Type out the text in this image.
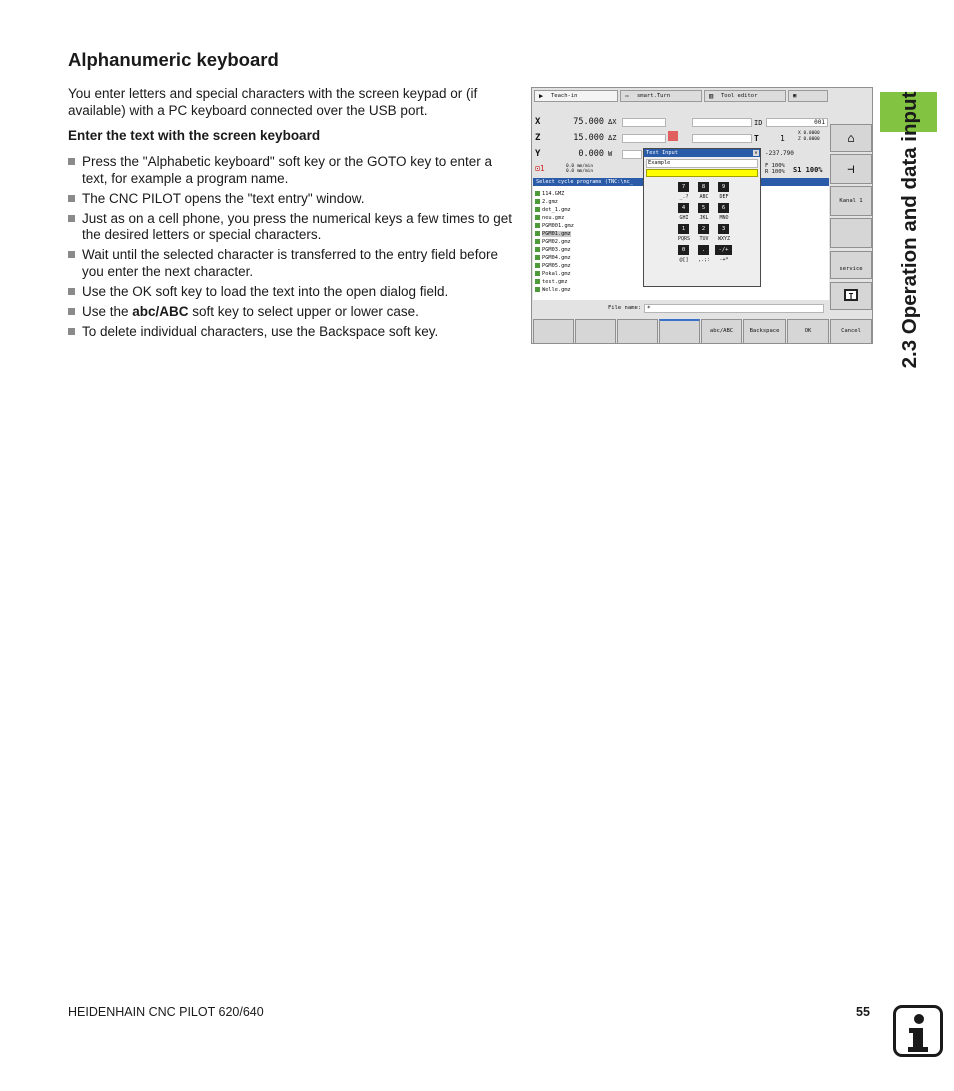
Alphanumeric keyboard

You enter letters and special characters with the screen keypad or (if available) with a PC keyboard connected over the USB port.

Enter the text with the screen keyboard

Press the "Alphabetic keyboard" soft key or the GOTO key to enter a text, for example a program name.
The CNC PILOT opens the "text entry" window.
Just as on a cell phone, you press the numerical keys a few times to get the desired letters or special characters.
Wait until the selected character is transferred to the entry field before you enter the next character.
Use the OK soft key to load the text into the open dialog field.
Use the abc/ABC soft key to select upper or lower case.
To delete individual characters, use the Backspace soft key.	2.3 Operation and data input
▶ Teach-in	⇨ smart.Turn	▥ Tool editor	▣
X	75.000 ΔX
Z	15.000 ΔZ
Y	0.000 W
ID	001
T	1
X 0.0000
Z 0.0000
⊡1	0.0 mm/min
0.0 mm/min
-237.790
F 100%
R 100% S1 100%
Select cycle programs (TNC:\nc_
114.GMZ
2.gmz
det_1.gmz
neu.gmz
PGM001.gmz
PGM01.gmz
PGM02.gmz
PGM03.gmz
PGM04.gmz
PGM05.gmz
Pokal.gmz
test.gmz
Welle.gmz
File name: *
Text Input	✕
Example
7	8	9
_.?	ABC	DEF
4	5	6
GHI	JKL	MNO
1	2	3
PQRS	TUV	WXYZ
0	.	-/+
@[]	,.;:	-+*
⌂
⊣
Kanal 1
service
T
abc/ABC	Backspace	OK	Cancel
HEIDENHAIN CNC PILOT 620/640	55
